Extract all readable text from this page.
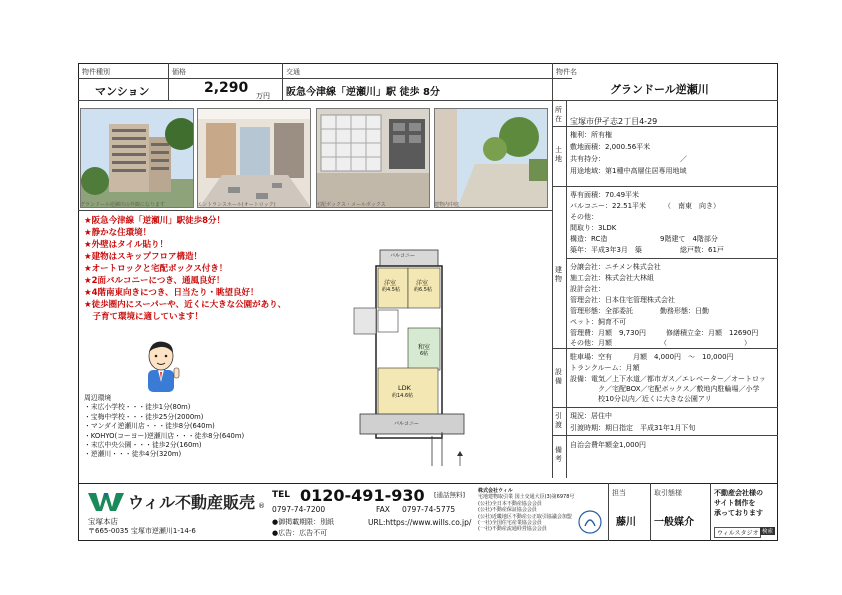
物件種別
マンション
価格
2,290 万円
交通
阪急今津線「逆瀬川」駅 徒歩 8分
物件名
グランドール逆瀬川
グランドール逆瀬川の外観になります	エントランスホール(オートロック)	宅配ボックス・メールボックス	建物内中庭
★阪急今津線「逆瀬川」駅徒歩8分！
★静かな住環境！
★外壁はタイル貼り！
★建物はスキップフロア構造！
★オートロックと宅配ボックス付き！
★2面バルコニーにつき、通風良好！
★4階南東向きにつき、日当たり・眺望良好！
★徒歩圏内にスーパーや、近くに大きな公園があり、
　子育て環境に適しています！
バルコニー
洋室
約4.5帖
洋室
約6.5帖
和室
6帖
LDK
約14.6帖
バルコニー
周辺環境
・末広小学校・・・徒歩1分(80m)
・宝梅中学校・・・徒歩25分(2000m)
・マンダイ逆瀬川店・・・徒歩8分(640m)
・KOHYO(コーヨー)逆瀬川店・・・徒歩8分(640m)
・末広中央公園・・・徒歩2分(160m)
・逆瀬川・・・徒歩4分(320m)
所在 宝塚市伊孑志2丁目4-29
土地
権利：所有権
敷地面積：2,000.56平米
共有持分：	／
用途地域：第1種中高層住居専用地域
建物
専有面積：70.49平米
バルコニー：22.51平米	（　南東　向き）
その他：
間取り：3LDK
構造：RC造	9階建て　4階部分
築年：平成3年3月　築	総戸数：61戸
分譲会社：ニチメン株式会社
施工会社：株式会社大林組
設計会社：
管理会社：日本住宅管理株式会社
管理形態：全部委託	勤務形態：日勤
ペット：飼育不可
管理費：月額　9,730円	修繕積立金：月額　12690円
その他：月額	（　　　　　　　　　　　）
設備
駐車場：空有　　　月額　4,000円　～　10,000円
トランクルーム：月額
設備：電気／上下水道／都市ガス／エレベーター／オートロッ
ク／宅配BOX／宅配ボックス／敷地内駐輪場／小学
校10分以内／近くに大きな公園アリ
引渡
現況：居住中
引渡時期：期日指定　平成31年1月下旬
備考
自治会費年額金1,000円
ウィル不動産販売 ®
宝塚本店
〒665-0035 宝塚市逆瀬川1-14-6
TEL 0120-491-930 [通話無料]
0797-74-7200	FAX 0797-74-5775
●御掲載期限：別紙
●広告：広告不可
URL:https://www.wills.co.jp/
株式会社ウィル
宅地建物取引業 国土交通大臣(3)第6978号
(公社)全日本不動産協会会員
(公社)不動産保証協会会員
(公社)近畿地区不動産公正取引協議会加盟
(一社)全国住宅産業協会会員
(一社)不動産流通経営協会会員
担当
藤川
取引態様
一般媒介
不動産会社様の
サイト制作を
承っております
ウィルスタジオ 検索
